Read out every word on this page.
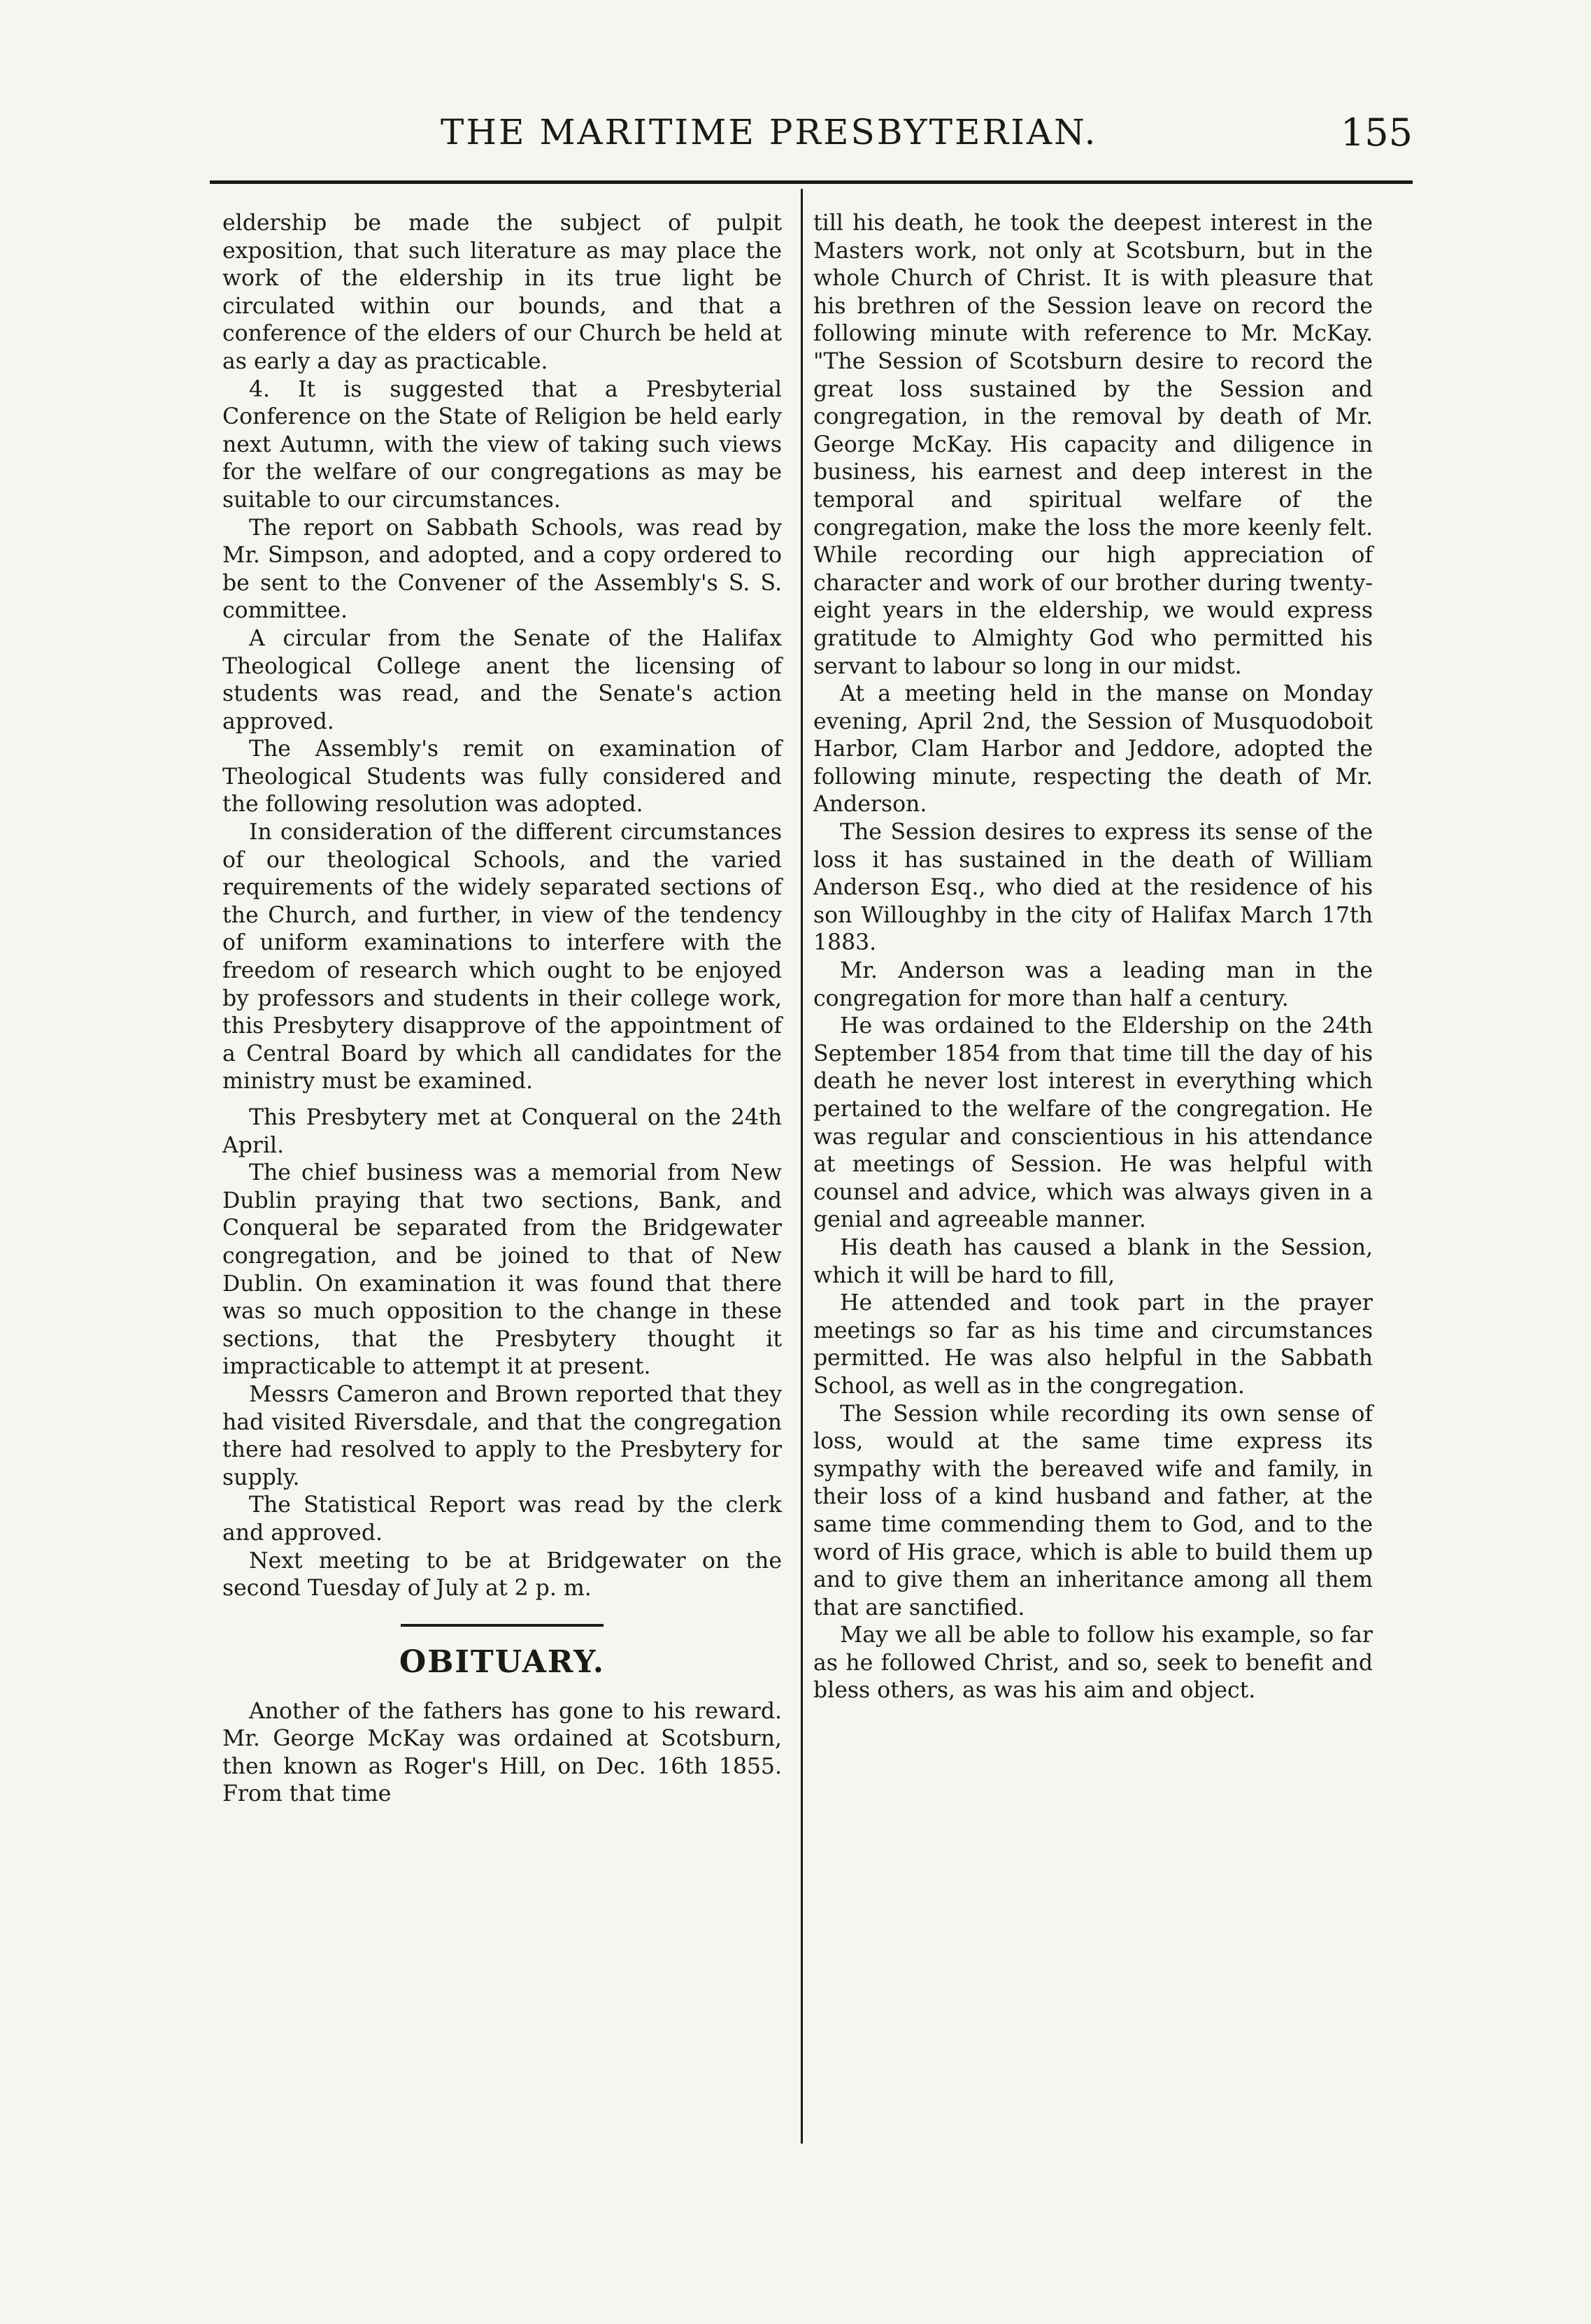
THE MARITIME PRESBYTERIAN.	155

eldership be made the subject of pulpit exposition, that such literature as may place the work of the eldership in its true light be circulated within our bounds, and that a conference of the elders of our Church be held at as early a day as practicable.

4. It is suggested that a Presbyterial Conference on the State of Religion be held early next Autumn, with the view of taking such views for the welfare of our congregations as may be suitable to our circumstances.

The report on Sabbath Schools, was read by Mr. Simpson, and adopted, and a copy ordered to be sent to the Convener of the Assembly's S. S. committee.

A circular from the Senate of the Halifax Theological College anent the licensing of students was read, and the Senate's action approved.

The Assembly's remit on examination of Theological Students was fully considered and the following resolution was adopted.

In consideration of the different circumstances of our theological Schools, and the varied requirements of the widely separated sections of the Church, and further, in view of the tendency of uniform examinations to interfere with the freedom of research which ought to be enjoyed by professors and students in their college work, this Presbytery disapprove of the appointment of a Central Board by which all candidates for the ministry must be examined.

This Presbytery met at Conqueral on the 24th April.

The chief business was a memorial from New Dublin praying that two sections, Bank, and Conqueral be separated from the Bridgewater congregation, and be joined to that of New Dublin. On examination it was found that there was so much opposition to the change in these sections, that the Presbytery thought it impracticable to attempt it at present.

Messrs Cameron and Brown reported that they had visited Riversdale, and that the congregation there had resolved to apply to the Presbytery for supply.

The Statistical Report was read by the clerk and approved.

Next meeting to be at Bridgewater on the second Tuesday of July at 2 p. m.

OBITUARY.

Another of the fathers has gone to his reward. Mr. George McKay was ordained at Scotsburn, then known as Roger's Hill, on Dec. 16th 1855. From that time

till his death, he took the deepest interest in the Masters work, not only at Scotsburn, but in the whole Church of Christ. It is with pleasure that his brethren of the Session leave on record the following minute with reference to Mr. McKay. "The Session of Scotsburn desire to record the great loss sustained by the Session and congregation, in the removal by death of Mr. George McKay. His capacity and diligence in business, his earnest and deep interest in the temporal and spiritual welfare of the congregation, make the loss the more keenly felt. While recording our high appreciation of character and work of our brother during twenty-eight years in the eldership, we would express gratitude to Almighty God who permitted his servant to labour so long in our midst.

At a meeting held in the manse on Monday evening, April 2nd, the Session of Musquodoboit Harbor, Clam Harbor and Jeddore, adopted the following minute, respecting the death of Mr. Anderson.

The Session desires to express its sense of the loss it has sustained in the death of William Anderson Esq., who died at the residence of his son Willoughby in the city of Halifax March 17th 1883.

Mr. Anderson was a leading man in the congregation for more than half a century.

He was ordained to the Eldership on the 24th September 1854 from that time till the day of his death he never lost interest in everything which pertained to the welfare of the congregation. He was regular and conscientious in his attendance at meetings of Session. He was helpful with counsel and advice, which was always given in a genial and agreeable manner.

His death has caused a blank in the Session, which it will be hard to fill,

He attended and took part in the prayer meetings so far as his time and circumstances permitted. He was also helpful in the Sabbath School, as well as in the congregation.

The Session while recording its own sense of loss, would at the same time express its sympathy with the bereaved wife and family, in their loss of a kind husband and father, at the same time commending them to God, and to the word of His grace, which is able to build them up and to give them an inheritance among all them that are sanctified.

May we all be able to follow his example, so far as he followed Christ, and so, seek to benefit and bless others, as was his aim and object.
